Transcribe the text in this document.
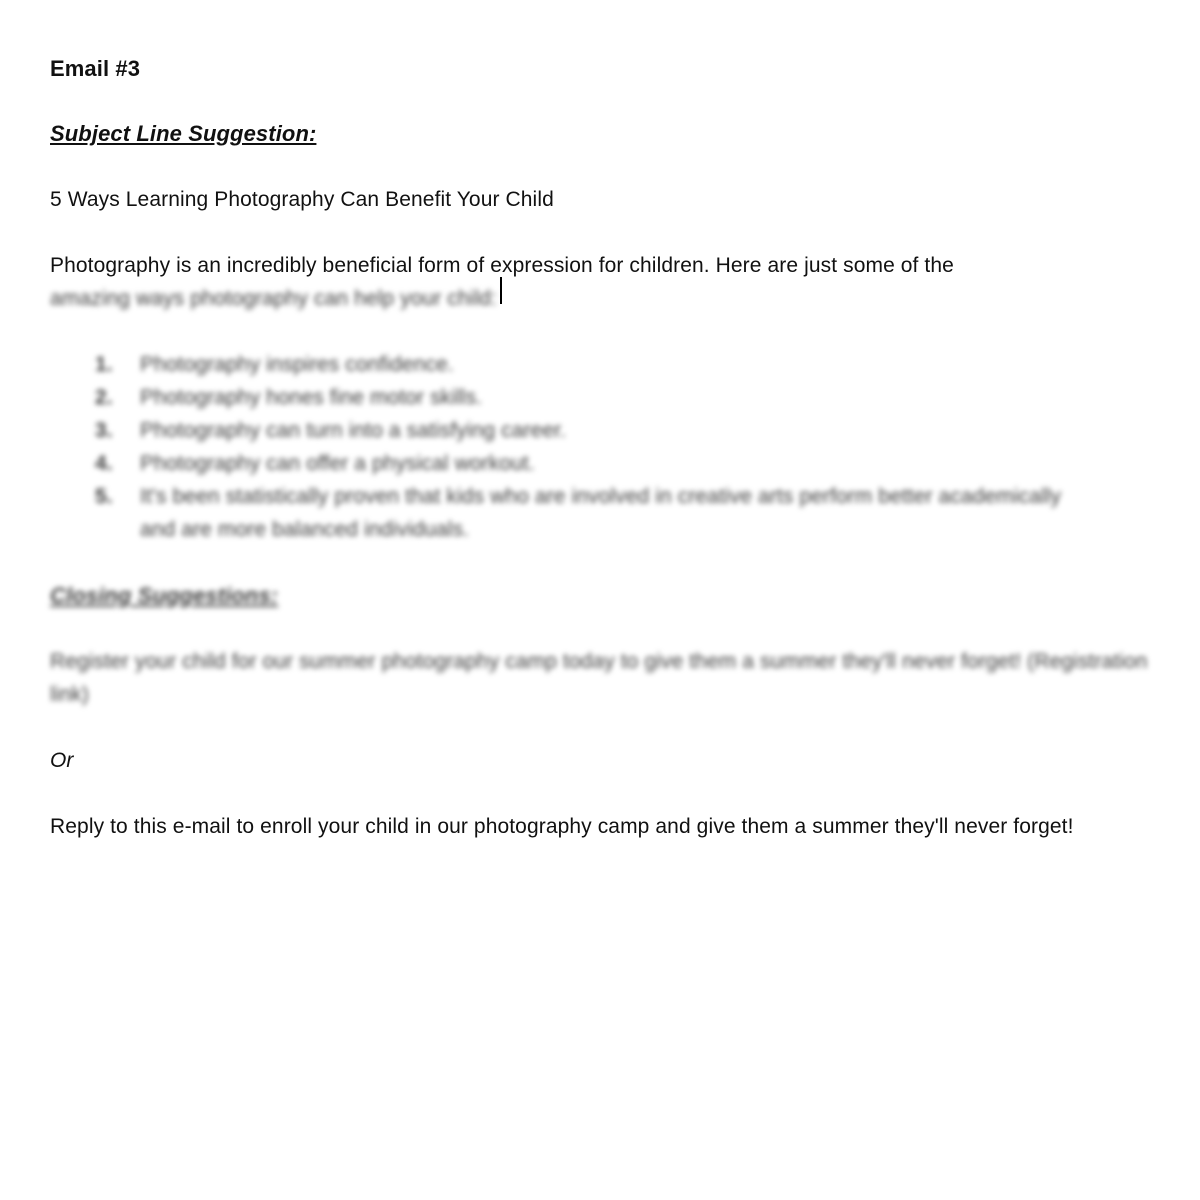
Email #3
Subject Line Suggestion:
5 Ways Learning Photography Can Benefit Your Child
Photography is an incredibly beneficial form of expression for children. Here are just some of the
amazing ways photography can help your child:
Photography inspires confidence.
Photography hones fine motor skills.
Photography can turn into a satisfying career.
Photography can offer a physical workout.
It's been statistically proven that kids who are involved in creative arts perform better academically and are more balanced individuals.
Closing Suggestions:
Register your child for our summer photography camp today to give them a summer they'll never forget! (Registration link)
Or
Reply to this e-mail to enroll your child in our photography camp and give them a summer they'll never forget!
